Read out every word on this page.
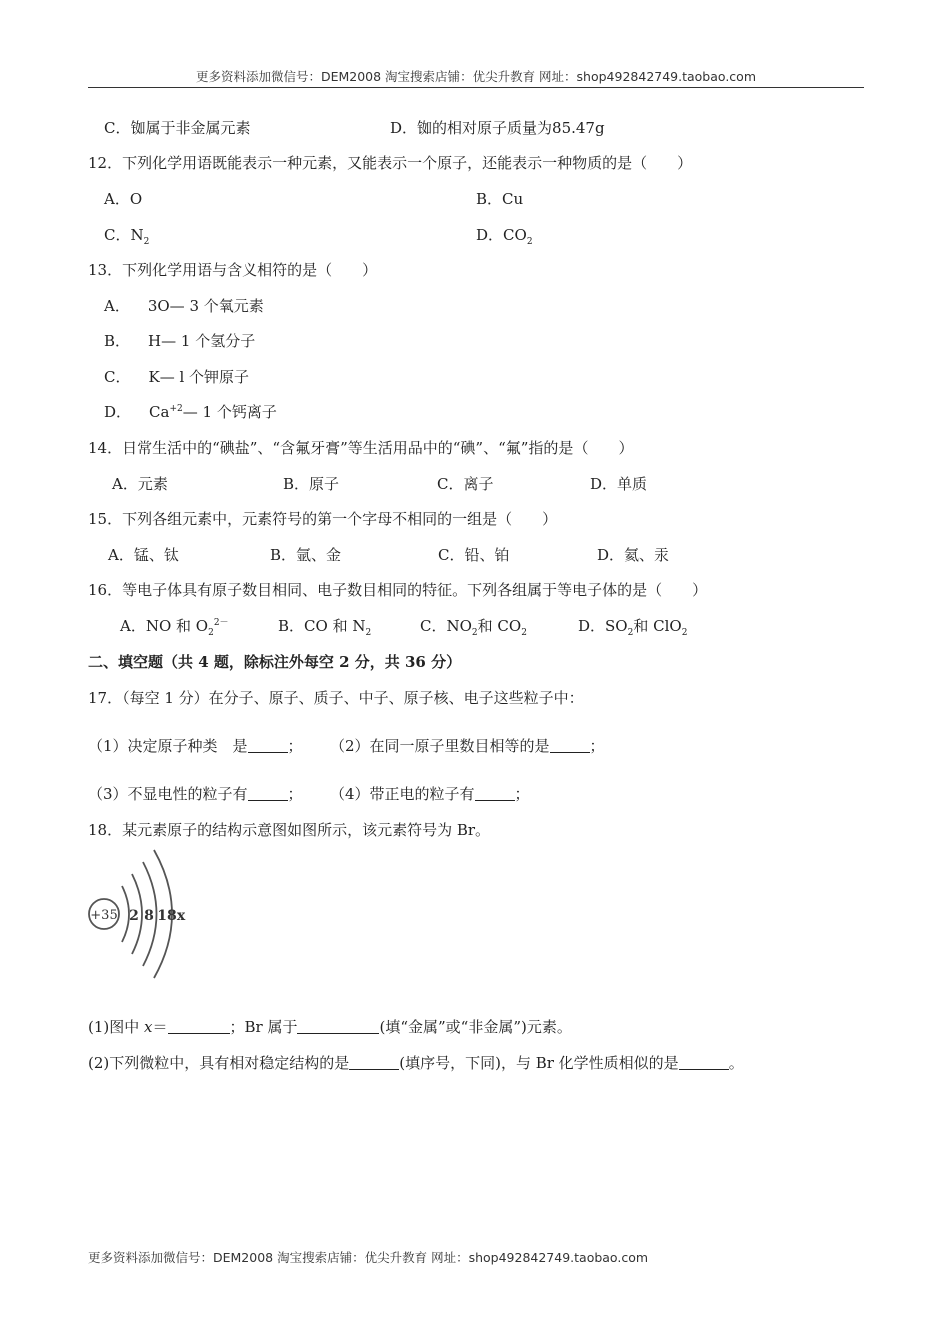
更多资料添加微信号：DEM2008 淘宝搜索店铺：优尖升教育 网址：shop492842749.taobao.com
C．铷属于非金属元素	D．铷的相对原子质量为85.47g
12．下列化学用语既能表示一种元素，又能表示一个原子，还能表示一种物质的是（　　）
A．O	B．Cu
C．$N_2$	D．$CO_2$
13．下列化学用语与含义相符的是（　　）
A． 3O— 3 个氧元素
B． H— 1 个氢分子
C． K— l 个钾原子
D． $Ca^{+2}—$ 1 个钙离子
14．日常生活中的“碘盐”、“含氟牙膏”等生活用品中的“碘”、“氟”指的是（　　）
A．元素	B．原子	C．离子	D．单质
15．下列各组元素中，元素符号的第一个字母不相同的一组是（　　）
A．锰、钛	B．氩、金	C．铅、铂	D．氦、汞
16．等电子体具有原子数目相同、电子数目相同的特征。下列各组属于等电子体的是（　　）
A．NO 和 $O_2^{2-}$	B．CO 和 $N_2$	C．$NO_2$和 $CO_2$	D．$SO_2$和 ClO$_2$
二、填空题（共 4 题，除标注外每空 2 分，共 36 分）
17．（每空 1 分）在分子、原子、质子、中子、原子核、电子这些粒子中：
（1）决定原子种类　是	； （2）在同一原子里数目相等的是	；
（3）不显电性的粒子有	； （4）带正电的粒子有	；
18．某元素原子的结构示意图如图所示，该元素符号为 Br。
+35 2 8 18 x
(1)图中 x＝	；Br 属于	(填“金属”或“非金属”)元素。
(2)下列微粒中，具有相对稳定结构的是	(填序号，下同)，与 Br 化学性质相似的是	。
更多资料添加微信号：DEM2008 淘宝搜索店铺：优尖升教育 网址：shop492842749.taobao.com
